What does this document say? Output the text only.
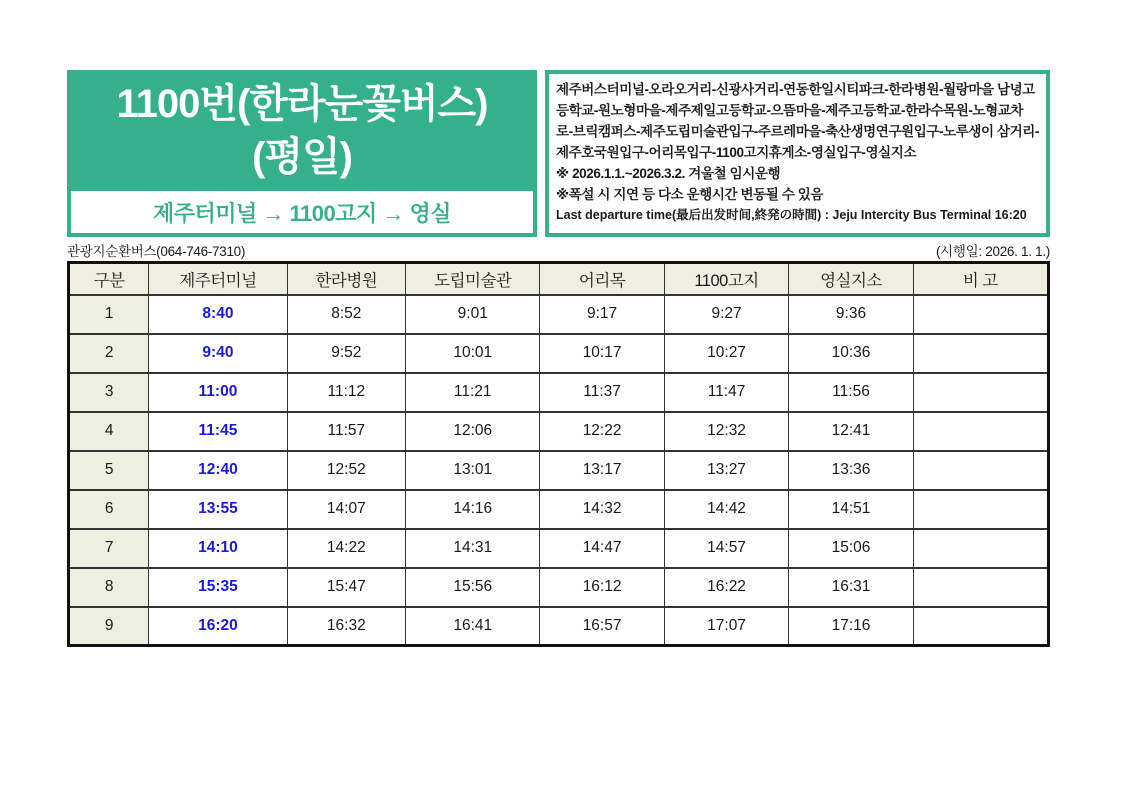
1100번(한라눈꽃버스)
(평일)
제주터미널 → 1100고지 → 영실

제주버스터미널-오라오거리-신광사거리-연동한일시티파크-한라병원-월랑마을 남녕고등학교-원노형마을-제주제일고등학교-으뜸마을-제주고등학교-한라수목원-노형교차로-브릭캠퍼스-제주도립미술관입구-주르레마을-축산생명연구원입구-노루생이 삼거리-제주호국원입구-어리목입구-1100고지휴게소-영실입구-영실지소

※ 2026.1.1.~2026.3.2. 겨울철 임시운행

※폭설 시 지연 등 다소 운행시간 변동될 수 있음

Last departure time(最后出发时间,終発の時間) : Jeju Intercity Bus Terminal 16:20

관광지순환버스(064-746-7310)	(시행일: 2026. 1. 1.)
구분	제주터미널	한라병원	도립미술관	어리목	1100고지	영실지소	비 고
1	8:40	8:52	9:01	9:17	9:27	9:36	
2	9:40	9:52	10:01	10:17	10:27	10:36	
3	11:00	11:12	11:21	11:37	11:47	11:56	
4	11:45	11:57	12:06	12:22	12:32	12:41	
5	12:40	12:52	13:01	13:17	13:27	13:36	
6	13:55	14:07	14:16	14:32	14:42	14:51	
7	14:10	14:22	14:31	14:47	14:57	15:06	
8	15:35	15:47	15:56	16:12	16:22	16:31	
9	16:20	16:32	16:41	16:57	17:07	17:16	
